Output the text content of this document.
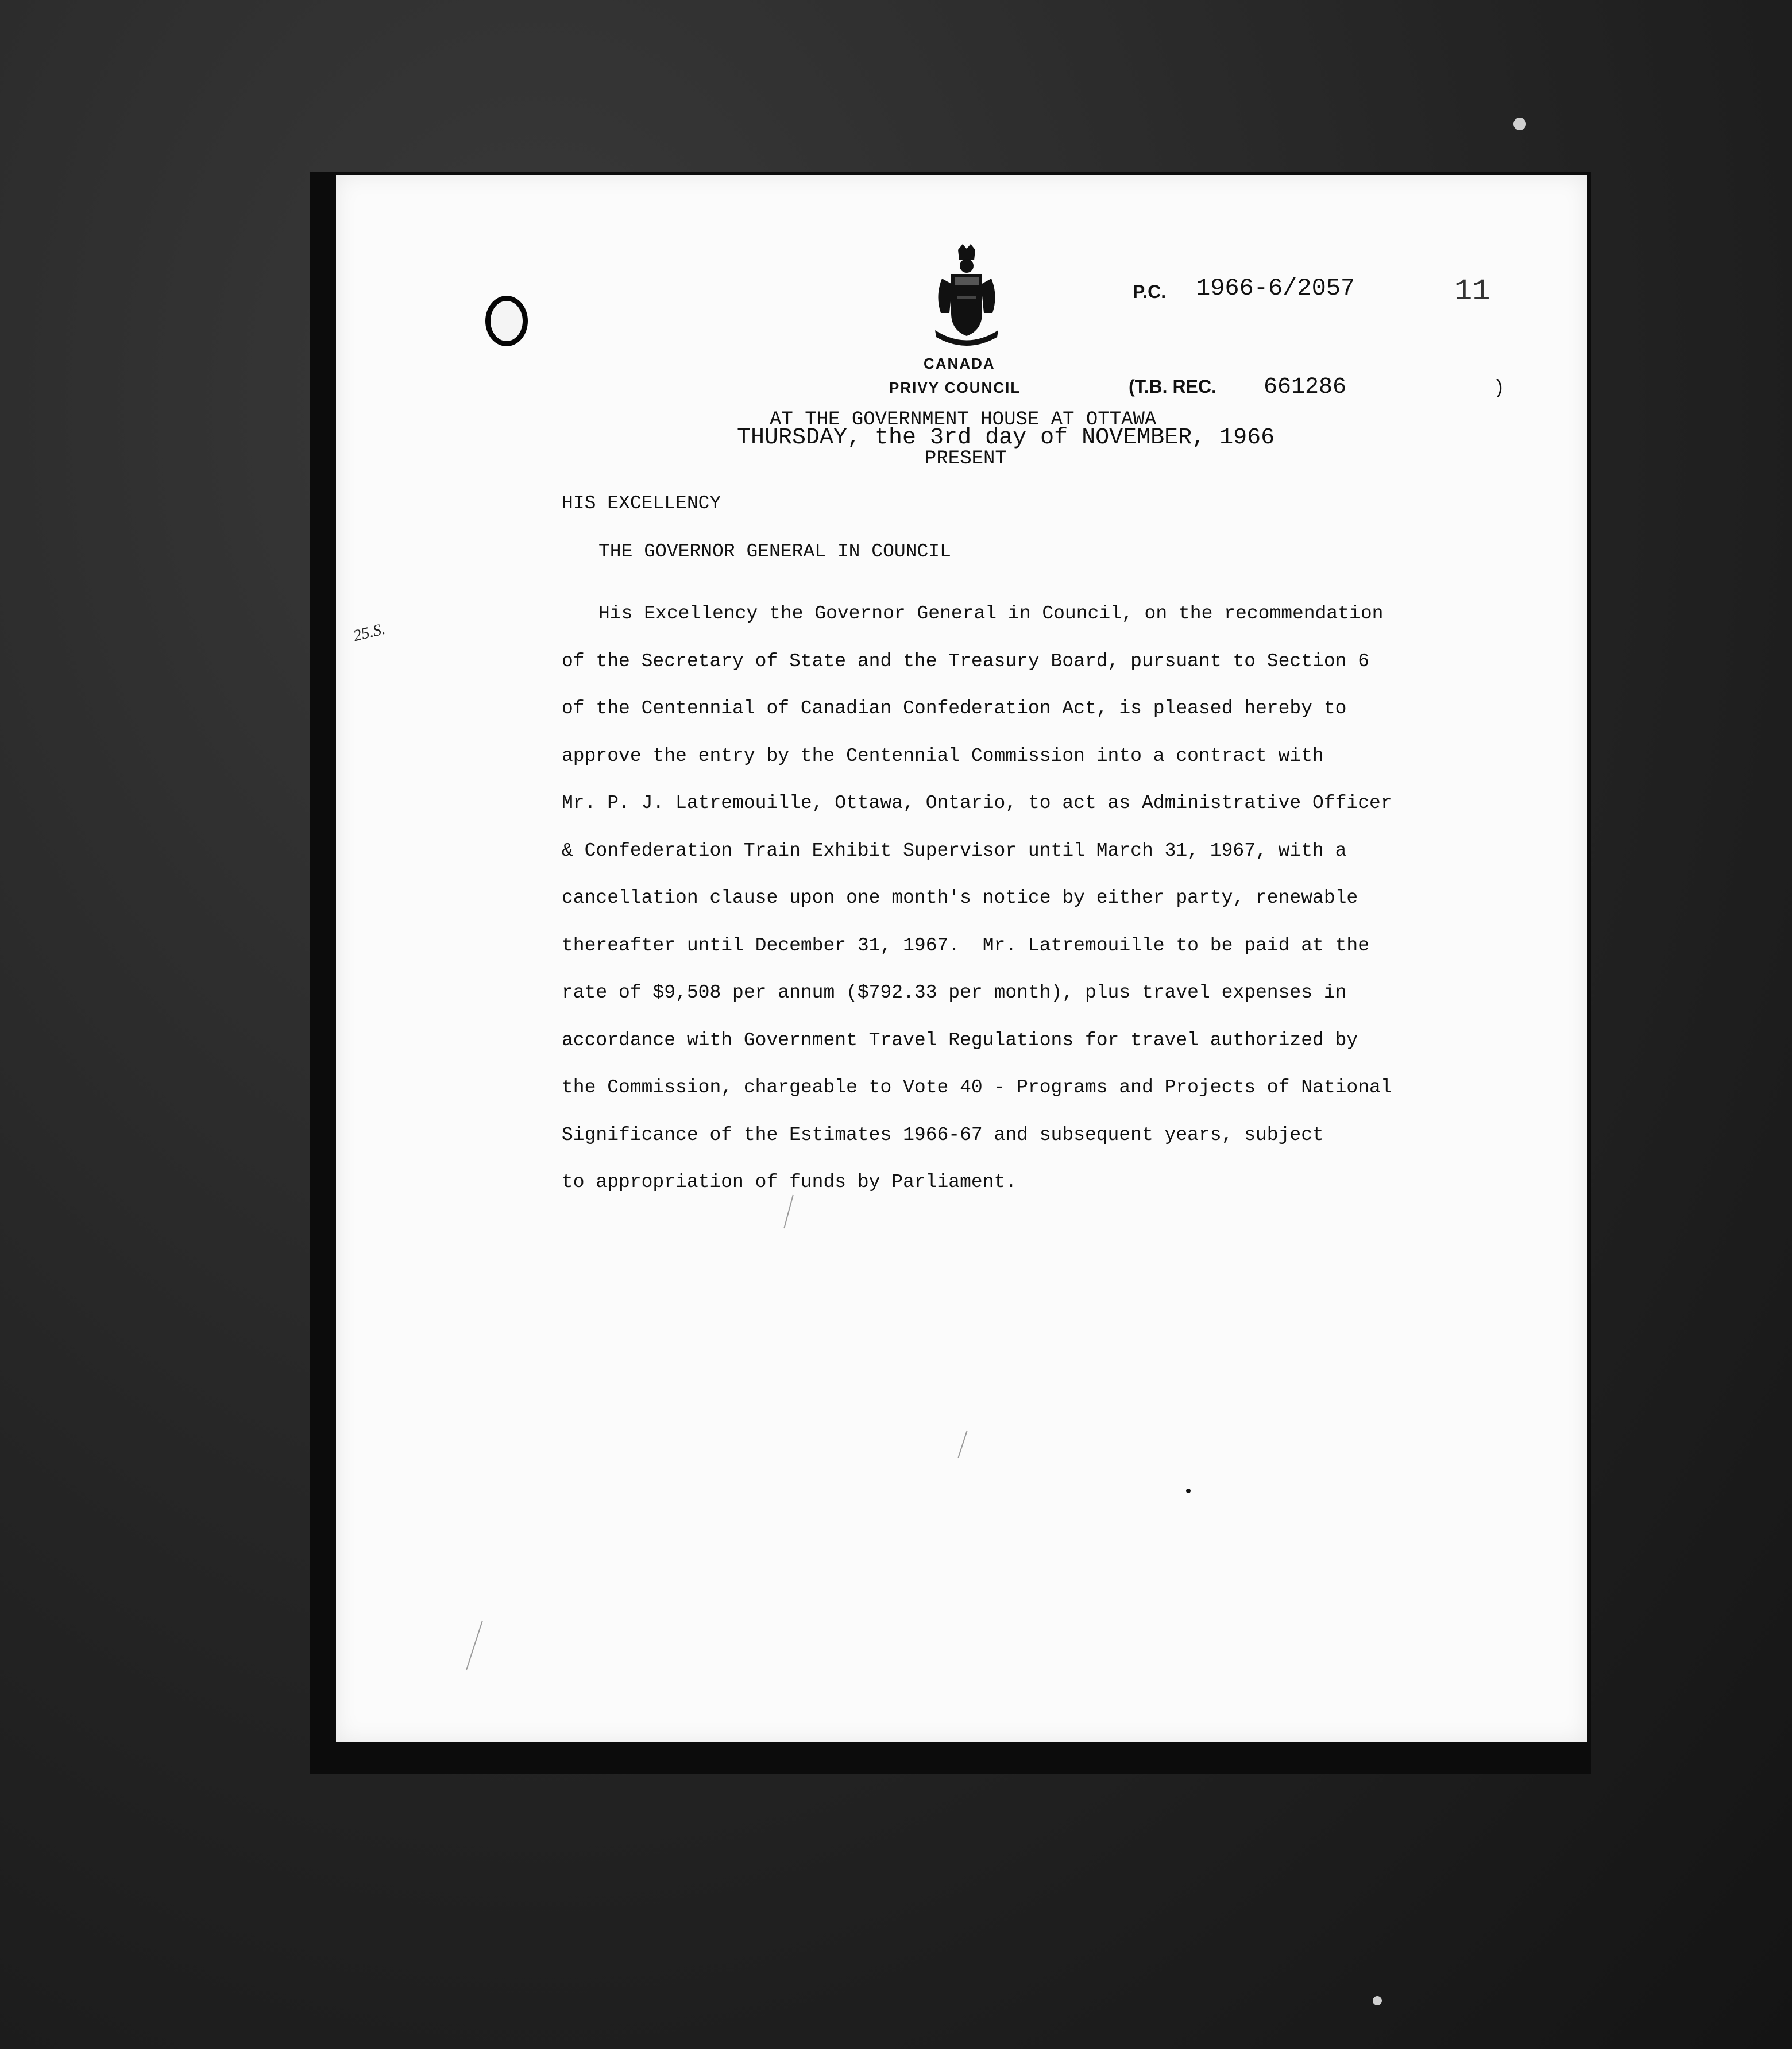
CANADA
PRIVY COUNCIL
P.C. 1966-6/2057	11
(T.B. REC. 661286	)
AT THE GOVERNMENT HOUSE AT OTTAWA
THURSDAY, the 3rd day of NOVEMBER, 1966
PRESENT
HIS EXCELLENCY
THE GOVERNOR GENERAL IN COUNCIL
25.S.
His Excellency the Governor General in Council, on the recommendation
of the Secretary of State and the Treasury Board, pursuant to Section 6
of the Centennial of Canadian Confederation Act, is pleased hereby to
approve the entry by the Centennial Commission into a contract with
Mr. P. J. Latremouille, Ottawa, Ontario, to act as Administrative Officer
& Confederation Train Exhibit Supervisor until March 31, 1967, with a
cancellation clause upon one month's notice by either party, renewable
thereafter until December 31, 1967.  Mr. Latremouille to be paid at the
rate of $9,508 per annum ($792.33 per month), plus travel expenses in
accordance with Government Travel Regulations for travel authorized by
the Commission, chargeable to Vote 40 - Programs and Projects of National
Significance of the Estimates 1966-67 and subsequent years, subject
to appropriation of funds by Parliament.
